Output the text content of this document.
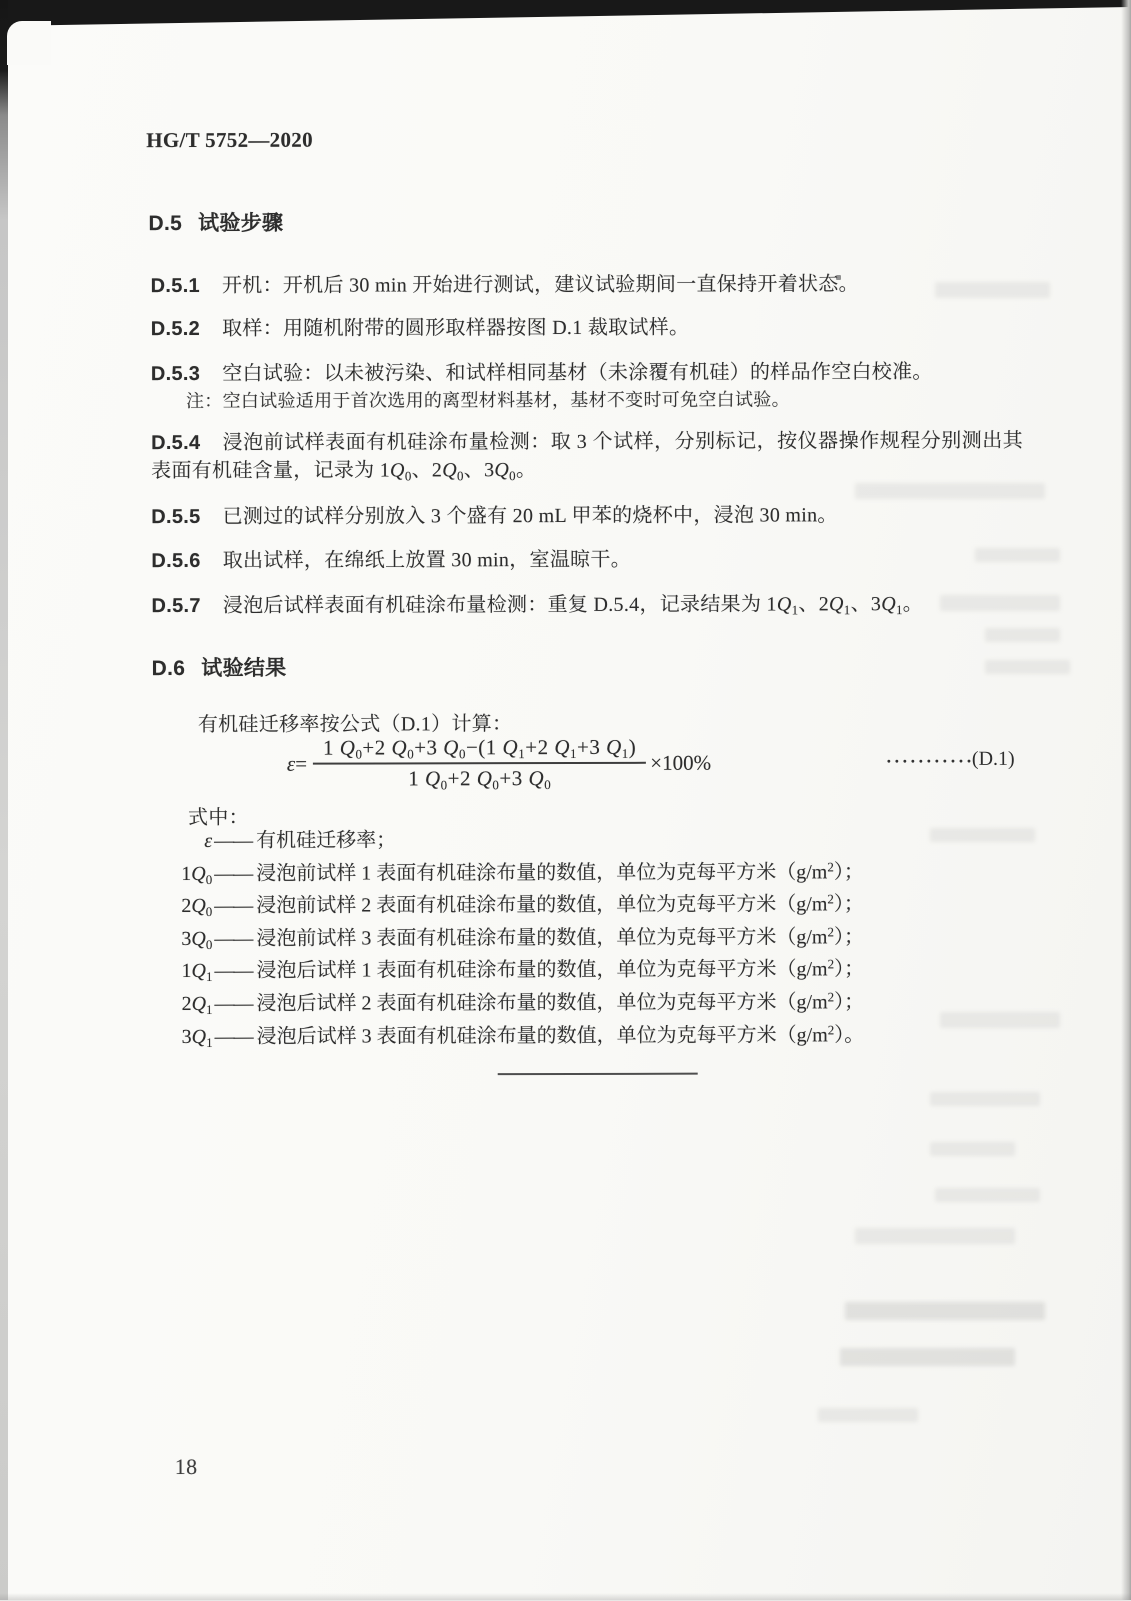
HG/T 5752—2020
D.5 试验步骤
D.5.1 开机：开机后 30 min 开始进行测试，建议试验期间一直保持开着状态。
D.5.2 取样：用随机附带的圆形取样器按图 D.1 裁取试样。
D.5.3 空白试验：以未被污染、和试样相同基材（未涂覆有机硅）的样品作空白校准。
注：空白试验适用于首次选用的离型材料基材，基材不变时可免空白试验。
D.5.4 浸泡前试样表面有机硅涂布量检测：取 3 个试样，分别标记，按仪器操作规程分别测出其表面有机硅含量，记录为 $1Q_0$、$2Q_0$、$3Q_0$。
D.5.5 已测过的试样分别放入 3 个盛有 20 mL 甲苯的烧杯中，浸泡 30 min。
D.5.6 取出试样，在绵纸上放置 30 min，室温晾干。
D.5.7 浸泡后试样表面有机硅涂布量检测：重复 D.5.4，记录结果为 $1Q_1$、$2Q_1$、$3Q_1$。
D.6 试验结果
有机硅迁移率按公式（D.1）计算：
$\varepsilon= \frac{1 Q_0+2 Q_0+3 Q_0-(1 Q_1+2 Q_1+3 Q_1)}{1 Q_0+2 Q_0+3 Q_0} \times 100\%$	···········
(D.1)
式中：
ε —— 有机硅迁移率；
$1Q_0$ —— 浸泡前试样 1 表面有机硅涂布量的数值，单位为克每平方米$(g/m^2)$；
$2Q_0$ —— 浸泡前试样 2 表面有机硅涂布量的数值，单位为克每平方米$(g/m^2)$；
$3Q_0$ —— 浸泡前试样 3 表面有机硅涂布量的数值，单位为克每平方米$(g/m^2)$；
$1Q_1$ —— 浸泡后试样 1 表面有机硅涂布量的数值，单位为克每平方米$(g/m^2)$；
$2Q_1$ —— 浸泡后试样 2 表面有机硅涂布量的数值，单位为克每平方米$(g/m^2)$；
$3Q_1$ —— 浸泡后试样 3 表面有机硅涂布量的数值，单位为克每平方米$(g/m^2)$。
18
